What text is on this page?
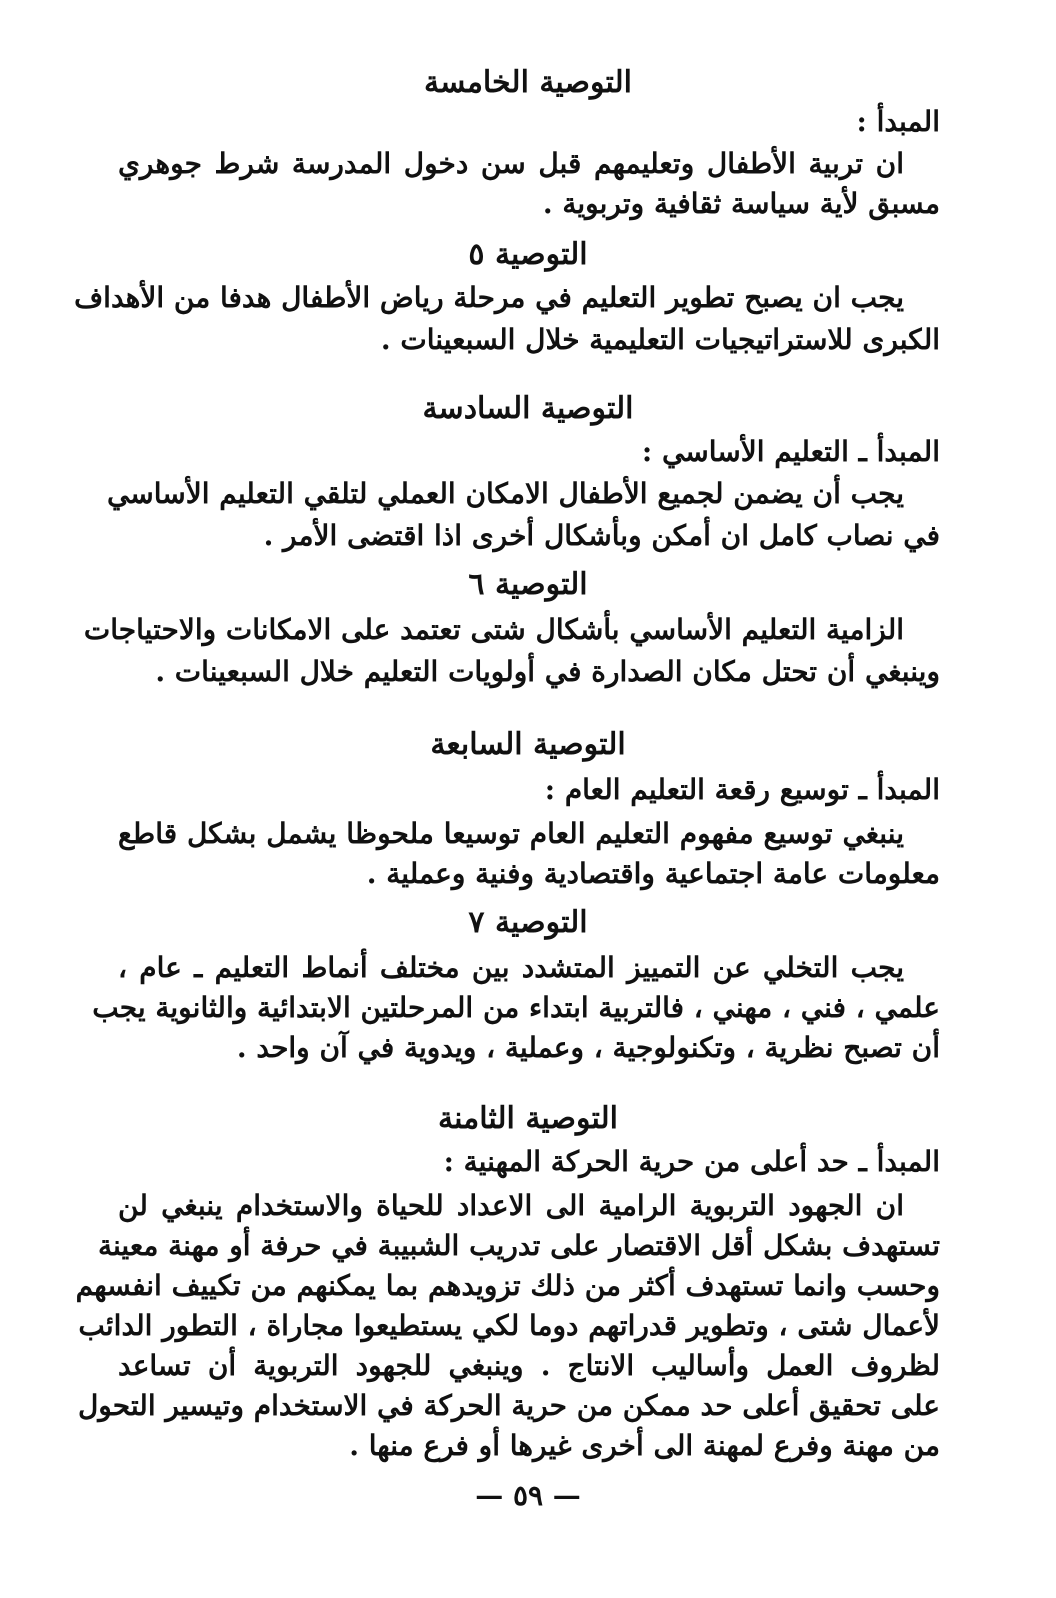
التوصية الخامسة
المبدأ :
ان تربية الأطفال وتعليمهم قبل سن دخول المدرسة شرط جوهري
مسبق لأية سياسة ثقافية وتربوية .
التوصية ٥
يجب ان يصبح تطوير التعليم في مرحلة رياض الأطفال هدفا من الأهداف
الكبرى للاستراتيجيات التعليمية خلال السبعينات .
التوصية السادسة
المبدأ ـ التعليم الأساسي :
يجب أن يضمن لجميع الأطفال الامكان العملي لتلقي التعليم الأساسي
في نصاب كامل ان أمكن وبأشكال أخرى اذا اقتضى الأمر .
التوصية ٦
الزامية التعليم الأساسي بأشكال شتى تعتمد على الامكانات والاحتياجات
وينبغي أن تحتل مكان الصدارة في أولويات التعليم خلال السبعينات .
التوصية السابعة
المبدأ ـ توسيع رقعة التعليم العام :
ينبغي توسيع مفهوم التعليم العام توسيعا ملحوظا يشمل بشكل قاطع
معلومات عامة اجتماعية واقتصادية وفنية وعملية .
التوصية ٧
يجب التخلي عن التمييز المتشدد بين مختلف أنماط التعليم ـ عام ،
علمي ، فني ، مهني ، فالتربية ابتداء من المرحلتين الابتدائية والثانوية يجب
أن تصبح نظرية ، وتكنولوجية ، وعملية ، ويدوية في آن واحد .
التوصية الثامنة
المبدأ ـ حد أعلى من حرية الحركة المهنية :
ان الجهود التربوية الرامية الى الاعداد للحياة والاستخدام ينبغي لن
تستهدف بشكل أقل الاقتصار على تدريب الشبيبة في حرفة أو مهنة معينة
وحسب وانما تستهدف أكثر من ذلك تزويدهم بما يمكنهم من تكييف انفسهم
لأعمال شتى ، وتطوير قدراتهم دوما لكي يستطيعوا مجاراة ، التطور الدائب
لظروف العمل وأساليب الانتاج . وينبغي للجهود التربوية أن تساعد
على تحقيق أعلى حد ممكن من حرية الحركة في الاستخدام وتيسير التحول
من مهنة وفرع لمهنة الى أخرى غيرها أو فرع منها .
— ٥٩ —
